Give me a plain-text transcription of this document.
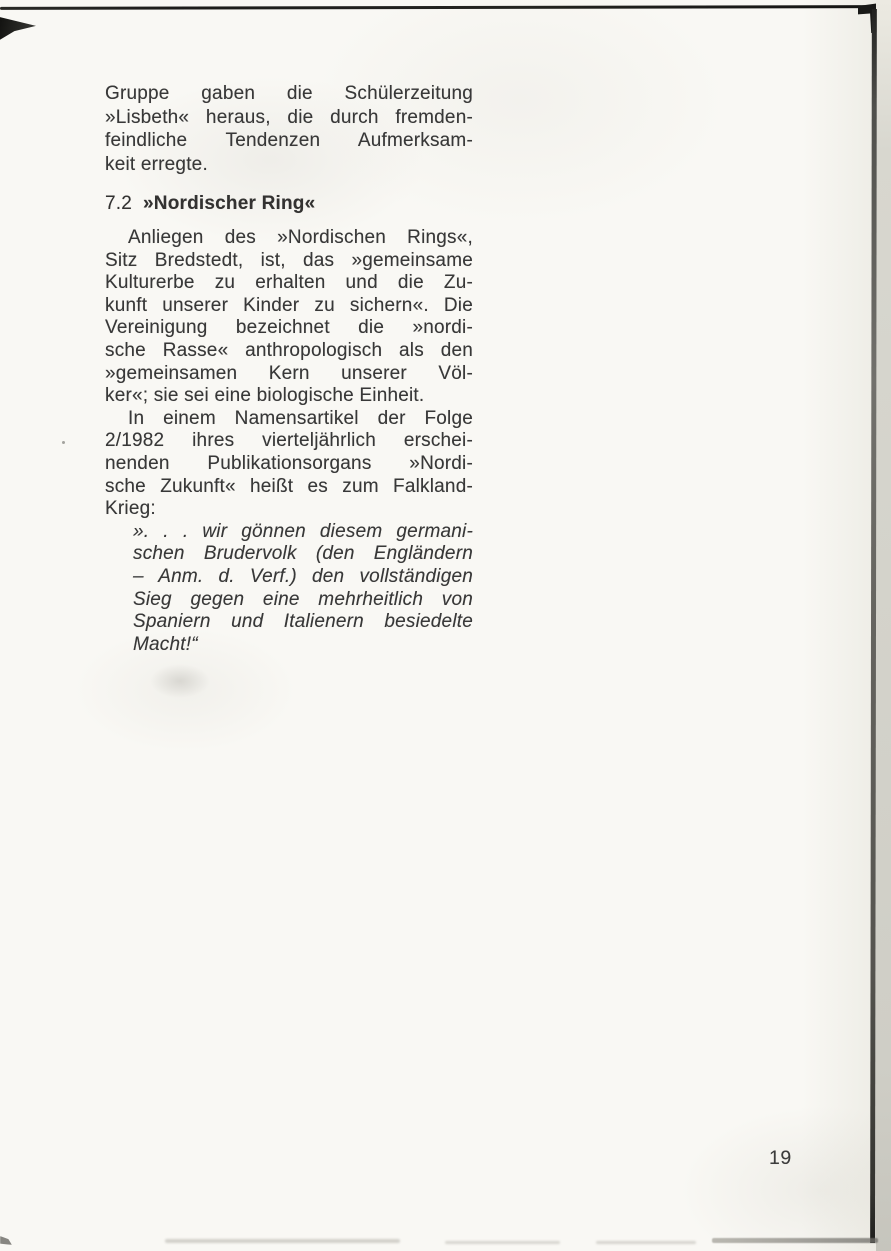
Gruppe gaben die Schülerzeitung
»Lisbeth« heraus, die durch fremden-
feindliche Tendenzen Aufmerksam-
keit erregte.
7.2 »Nordischer Ring«
Anliegen des »Nordischen Rings«,
Sitz Bredstedt, ist, das »gemeinsame
Kulturerbe zu erhalten und die Zu-
kunft unserer Kinder zu sichern«. Die
Vereinigung bezeichnet die »nordi-
sche Rasse« anthropologisch als den
»gemeinsamen Kern unserer Völ-
ker«; sie sei eine biologische Einheit.
In einem Namensartikel der Folge
2/1982 ihres vierteljährlich erschei-
nenden Publikationsorgans »Nordi-
sche Zukunft« heißt es zum Falkland-
Krieg:
». . . wir gönnen diesem germani-
schen Brudervolk (den Engländern
– Anm. d. Verf.) den vollständigen
Sieg gegen eine mehrheitlich von
Spaniern und Italienern besiedelte
Macht!“
19
